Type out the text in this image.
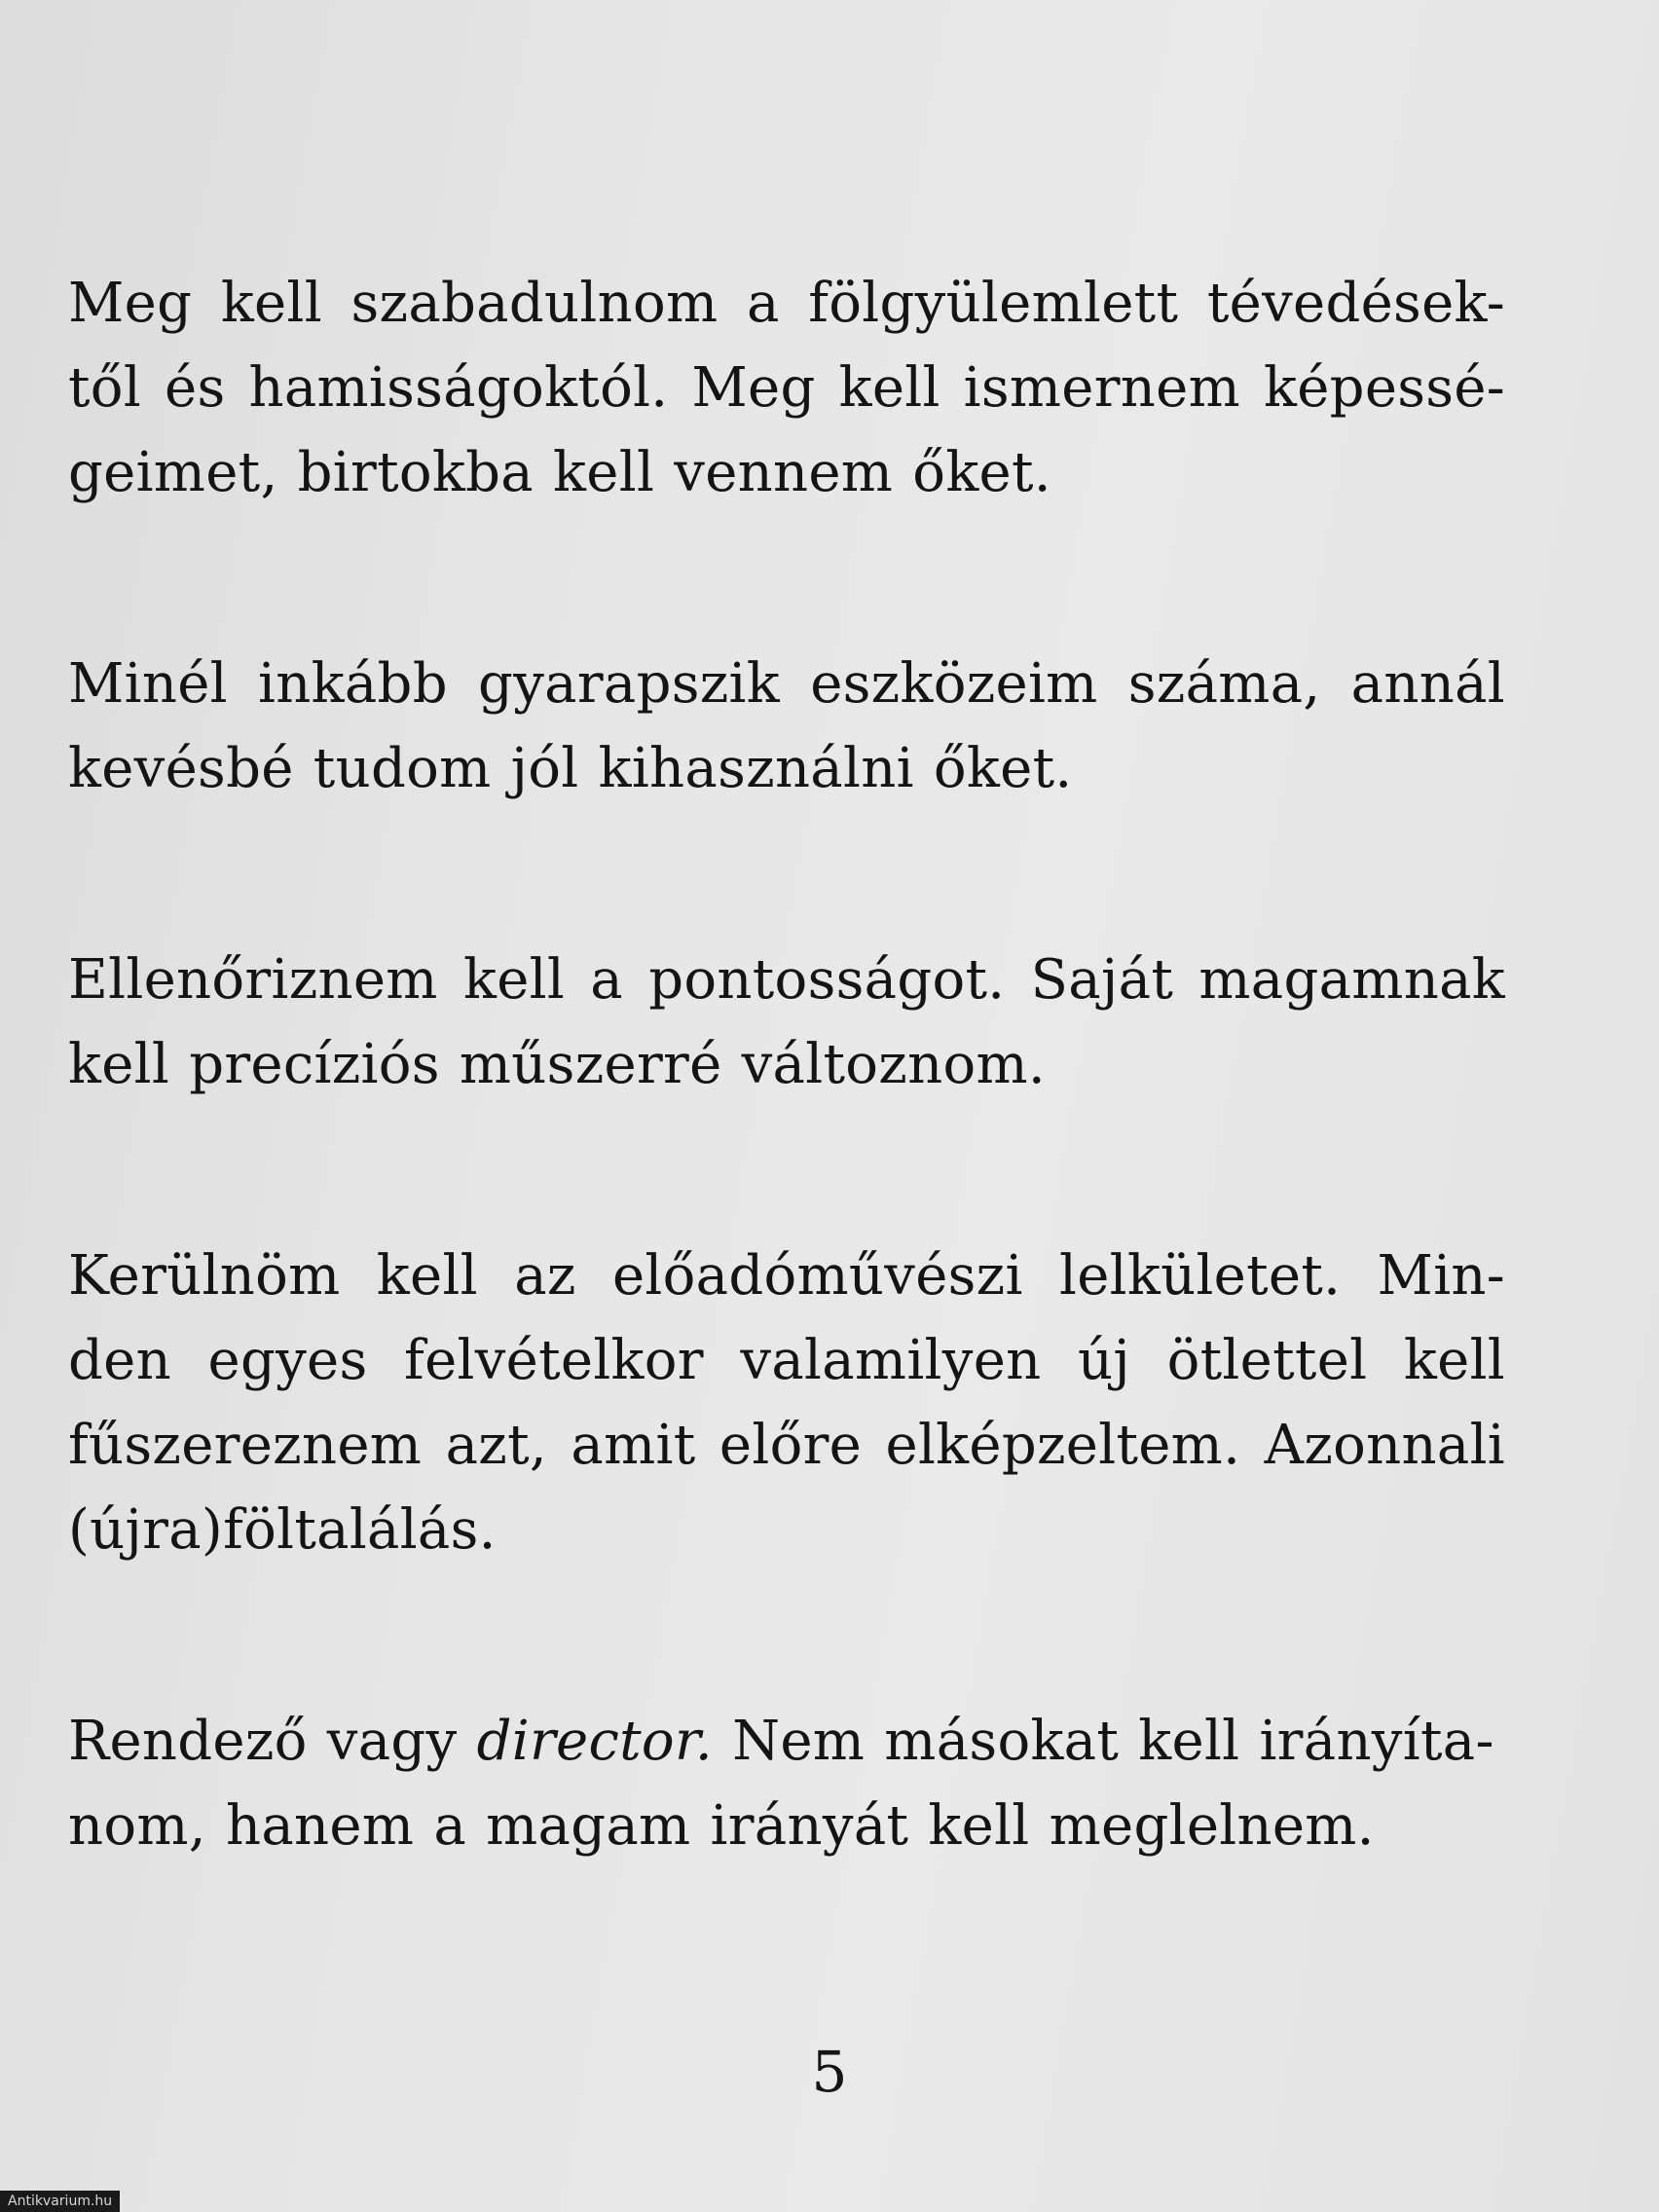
Meg kell szabadulnom a fölgyülemlett tévedések-
től és hamisságoktól. Meg kell ismernem képessé-
geimet, birtokba kell vennem őket.

Minél inkább gyarapszik eszközeim száma, annál
kevésbé tudom jól kihasználni őket.

Ellenőriznem kell a pontosságot. Saját magamnak
kell precíziós műszerré változnom.

Kerülnöm kell az előadóművészi lelkületet. Min-
den egyes felvételkor valamilyen új ötlettel kell
fűszereznem azt, amit előre elképzeltem. Azonnali
(újra)föltalálás.

Rendező vagy director. Nem másokat kell irányíta-
nom, hanem a magam irányát kell meglelnem.

5
Antikvarium.hu
